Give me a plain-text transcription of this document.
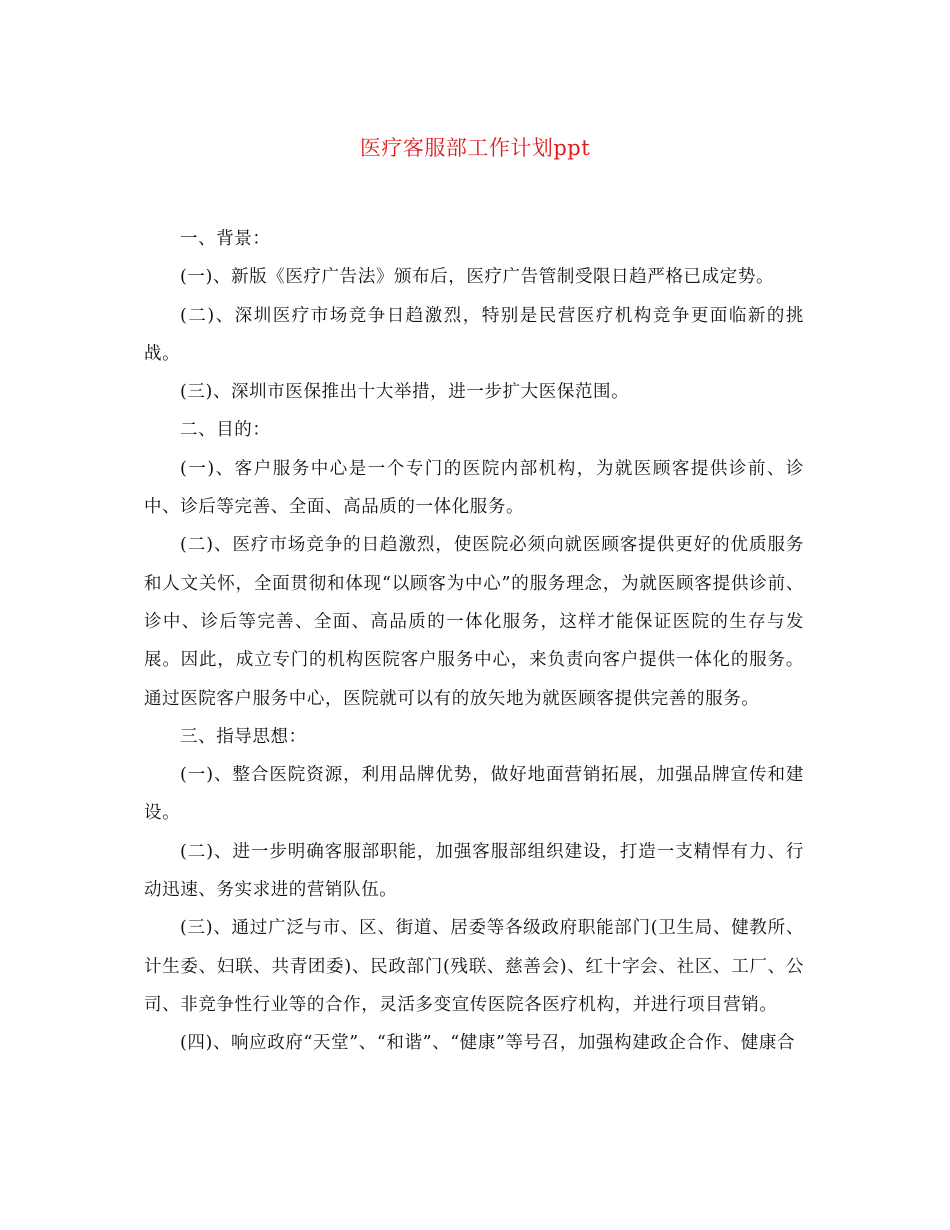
医疗客服部工作计划ppt

一、背景：

(一)、新版《医疗广告法》颁布后，医疗广告管制受限日趋严格已成定势。

(二)、深圳医疗市场竞争日趋激烈，特别是民营医疗机构竞争更面临新的挑战。

(三)、深圳市医保推出十大举措，进一步扩大医保范围。

二、目的：

(一)、客户服务中心是一个专门的医院内部机构，为就医顾客提供诊前、诊中、诊后等完善、全面、高品质的一体化服务。

(二)、医疗市场竞争的日趋激烈，使医院必须向就医顾客提供更好的优质服务和人文关怀，全面贯彻和体现“以顾客为中心”的服务理念，为就医顾客提供诊前、诊中、诊后等完善、全面、高品质的一体化服务，这样才能保证医院的生存与发展。因此，成立专门的机构医院客户服务中心，来负责向客户提供一体化的服务。通过医院客户服务中心，医院就可以有的放矢地为就医顾客提供完善的服务。

三、指导思想：

(一)、整合医院资源，利用品牌优势，做好地面营销拓展，加强品牌宣传和建设。

(二)、进一步明确客服部职能，加强客服部组织建设，打造一支精悍有力、行动迅速、务实求进的营销队伍。

(三)、通过广泛与市、区、街道、居委等各级政府职能部门(卫生局、健教所、计生委、妇联、共青团委)、民政部门(残联、慈善会)、红十字会、社区、工厂、公司、非竞争性行业等的合作，灵活多变宣传医院各医疗机构，并进行项目营销。

(四)、响应政府“天堂”、“和谐”、“健康”等号召，加强构建政企合作、健康合
